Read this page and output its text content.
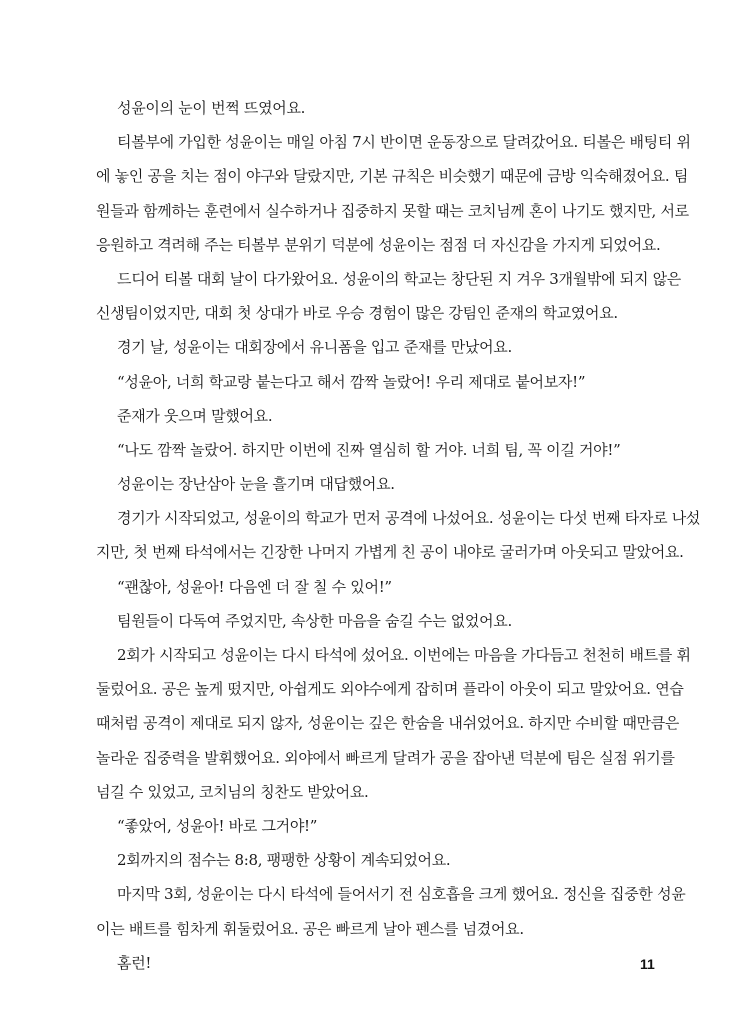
성윤이의 눈이 번쩍 뜨였어요.
티볼부에 가입한 성윤이는 매일 아침 7시 반이면 운동장으로 달려갔어요. 티볼은 배팅티 위
에 놓인 공을 치는 점이 야구와 달랐지만, 기본 규칙은 비슷했기 때문에 금방 익숙해졌어요. 팀
원들과 함께하는 훈련에서 실수하거나 집중하지 못할 때는 코치님께 혼이 나기도 했지만, 서로
응원하고 격려해 주는 티볼부 분위기 덕분에 성윤이는 점점 더 자신감을 가지게 되었어요.
드디어 티볼 대회 날이 다가왔어요. 성윤이의 학교는 창단된 지 겨우 3개월밖에 되지 않은
신생팀이었지만, 대회 첫 상대가 바로 우승 경험이 많은 강팀인 준재의 학교였어요.
경기 날, 성윤이는 대회장에서 유니폼을 입고 준재를 만났어요.
“성윤아, 너희 학교랑 붙는다고 해서 깜짝 놀랐어! 우리 제대로 붙어보자!”
준재가 웃으며 말했어요.
“나도 깜짝 놀랐어. 하지만 이번에 진짜 열심히 할 거야. 너희 팀, 꼭 이길 거야!”
성윤이는 장난삼아 눈을 흘기며 대답했어요.
경기가 시작되었고, 성윤이의 학교가 먼저 공격에 나섰어요. 성윤이는 다섯 번째 타자로 나섰
지만, 첫 번째 타석에서는 긴장한 나머지 가볍게 친 공이 내야로 굴러가며 아웃되고 말았어요.
“괜찮아, 성윤아! 다음엔 더 잘 칠 수 있어!”
팀원들이 다독여 주었지만, 속상한 마음을 숨길 수는 없었어요.
2회가 시작되고 성윤이는 다시 타석에 섰어요. 이번에는 마음을 가다듬고 천천히 배트를 휘
둘렀어요. 공은 높게 떴지만, 아쉽게도 외야수에게 잡히며 플라이 아웃이 되고 말았어요. 연습
때처럼 공격이 제대로 되지 않자, 성윤이는 깊은 한숨을 내쉬었어요. 하지만 수비할 때만큼은
놀라운 집중력을 발휘했어요. 외야에서 빠르게 달려가 공을 잡아낸 덕분에 팀은 실점 위기를
넘길 수 있었고, 코치님의 칭찬도 받았어요.
“좋았어, 성윤아! 바로 그거야!”
2회까지의 점수는 8:8, 팽팽한 상황이 계속되었어요.
마지막 3회, 성윤이는 다시 타석에 들어서기 전 심호흡을 크게 했어요. 정신을 집중한 성윤
이는 배트를 힘차게 휘둘렀어요. 공은 빠르게 날아 펜스를 넘겼어요.
홈런!	11
